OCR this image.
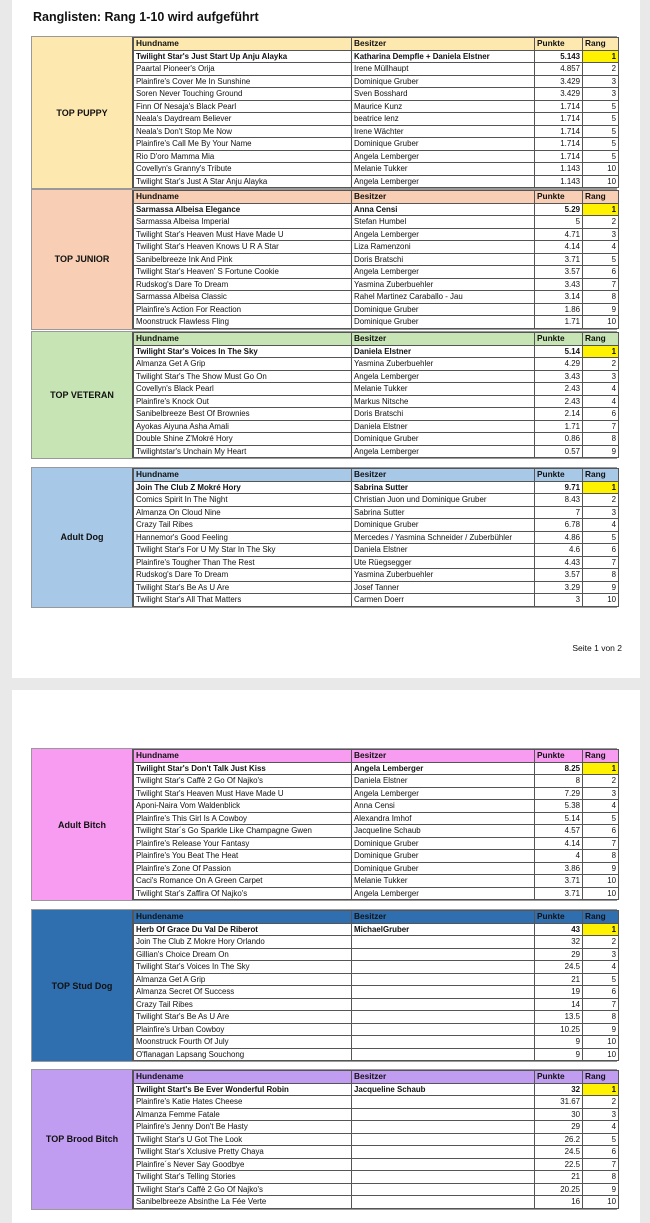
Ranglisten: Rang 1-10 wird aufgeführt
TOP PUPPY
Hundname	Besitzer	Punkte	Rang
Twilight Star's Just Start Up Anju Alayka	Katharina Dempfle + Daniela Elstner	5.143	1
Paartal Pioneer's Orija	Irene Müllhaupt	4.857	2
Plainfire's Cover Me In Sunshine	Dominique Gruber	3.429	3
Soren Never Touching Ground	Sven Bosshard	3.429	3
Finn Of Nesaja's Black Pearl	Maurice Kunz	1.714	5
Neala's Daydream Believer	beatrice lenz	1.714	5
Neala's Don't Stop Me Now	Irene Wächter	1.714	5
Plainfire's Call Me By Your Name	Dominique Gruber	1.714	5
Rio D'oro Mamma Mia	Angela Lemberger	1.714	5
Covellyn's Granny's Tribute	Melanie Tukker	1.143	10
Twilight Star's Just A Star Anju Alayka	Angela Lemberger	1.143	10
TOP JUNIOR
Hundname	Besitzer	Punkte	Rang
Sarmassa Albeisa Elegance	Anna Censi	5.29	1
Sarmassa Albeisa Imperial	Stefan Humbel	5	2
Twilight Star's Heaven Must Have Made U	Angela Lemberger	4.71	3
Twilight Star's Heaven Knows U R A Star	Liza Ramenzoni	4.14	4
Sanibelbreeze Ink And Pink	Doris Bratschi	3.71	5
Twilight Star's Heaven' S Fortune Cookie	Angela Lemberger	3.57	6
Rudskog's Dare To Dream	Yasmina Zuberbuehler	3.43	7
Sarmassa Albeisa Classic	Rahel Martinez Caraballo - Jau	3.14	8
Plainfire's Action For Reaction	Dominique Gruber	1.86	9
Moonstruck Flawless Fling	Dominique Gruber	1.71	10
TOP VETERAN
Hundname	Besitzer	Punkte	Rang
Twilight Star's Voices In The Sky	Daniela Elstner	5.14	1
Almanza Get A Grip	Yasmina Zuberbuehler	4.29	2
Twilight Star's The Show Must Go On	Angela Lemberger	3.43	3
Covellyn's Black Pearl	Melanie Tukker	2.43	4
Plainfire's Knock Out	Markus Nitsche	2.43	4
Sanibelbreeze Best Of Brownies	Doris Bratschi	2.14	6
Ayokas Aiyuna Asha Amali	Daniela Elstner	1.71	7
Double Shine Z'Mokré Hory	Dominique Gruber	0.86	8
Twilightstar's Unchain My Heart	Angela Lemberger	0.57	9
Adult Dog
Hundname	Besitzer	Punkte	Rang
Join The Club Z Mokré Hory	Sabrina Sutter	9.71	1
Comics Spirit In The Night	Christian Juon und Dominique Gruber	8.43	2
Almanza On Cloud Nine	Sabrina Sutter	7	3
Crazy Tail Ribes	Dominique Gruber	6.78	4
Hannemor's Good Feeling	Mercedes / Yasmina Schneider / Zuberbühler	4.86	5
Twilight Star's For U My Star In The Sky	Daniela Elstner	4.6	6
Plainfire's Tougher Than The Rest	Ute Rüegsegger	4.43	7
Rudskog's Dare To Dream	Yasmina Zuberbuehler	3.57	8
Twilight Star's Be As U Are	Josef Tanner	3.29	9
Twilight Star's All That Matters	Carmen Doerr	3	10
Seite 1 von 2
Adult Bitch
Hundname	Besitzer	Punkte	Rang
Twilight Star's Don't Talk Just Kiss	Angela Lemberger	8.25	1
Twilight Star's Caffè 2 Go Of Najko's	Daniela Elstner	8	2
Twilight Star's Heaven Must Have Made U	Angela Lemberger	7.29	3
Aponi-Naira Vom Waldenblick	Anna Censi	5.38	4
Plainfire's This Girl Is A Cowboy	Alexandra Imhof	5.14	5
Twilight Star´s Go Sparkle Like Champagne Gwen	Jacqueline Schaub	4.57	6
Plainfire's Release Your Fantasy	Dominique Gruber	4.14	7
Plainfire's You Beat The Heat	Dominique Gruber	4	8
Plainfire's Zone Of Passion	Dominique Gruber	3.86	9
Caci's Romance On A Green Carpet	Melanie Tukker	3.71	10
Twilight Star's Zaffira Of Najko's	Angela Lemberger	3.71	10
TOP Stud Dog
Hundename	Besitzer	Punkte	Rang
Herb Of Grace Du Val De Riberot	MichaelGruber	43	1
Join The Club Z Mokre Hory Orlando		32	2
Gillian's Choice Dream On		29	3
Twilight Star's Voices In The Sky		24.5	4
Almanza Get A Grip		21	5
Almanza Secret Of Success		19	6
Crazy Tail Ribes		14	7
Twilight Star's Be As U Are		13.5	8
Plainfire's Urban Cowboy		10.25	9
Moonstruck Fourth Of July		9	10
O'flanagan Lapsang Souchong		9	10
TOP Brood Bitch
Hundename	Besitzer	Punkte	Rang
Twilight Start's Be Ever Wonderful Robin	Jacqueline Schaub	32	1
Plainfire's Katie Hates Cheese		31.67	2
Almanza Femme Fatale		30	3
Plainfire's Jenny Don't Be Hasty		29	4
Twilight Star's U Got The Look		26.2	5
Twilight Star's Xclusive Pretty Chaya		24.5	6
Plainfire´s Never Say Goodbye		22.5	7
Twilight Star's Telling Stories		21	8
Twilight Star's Caffè 2 Go Of Najko's		20.25	9
Sanibelbreeze Absinthe La Fée Verte		16	10
